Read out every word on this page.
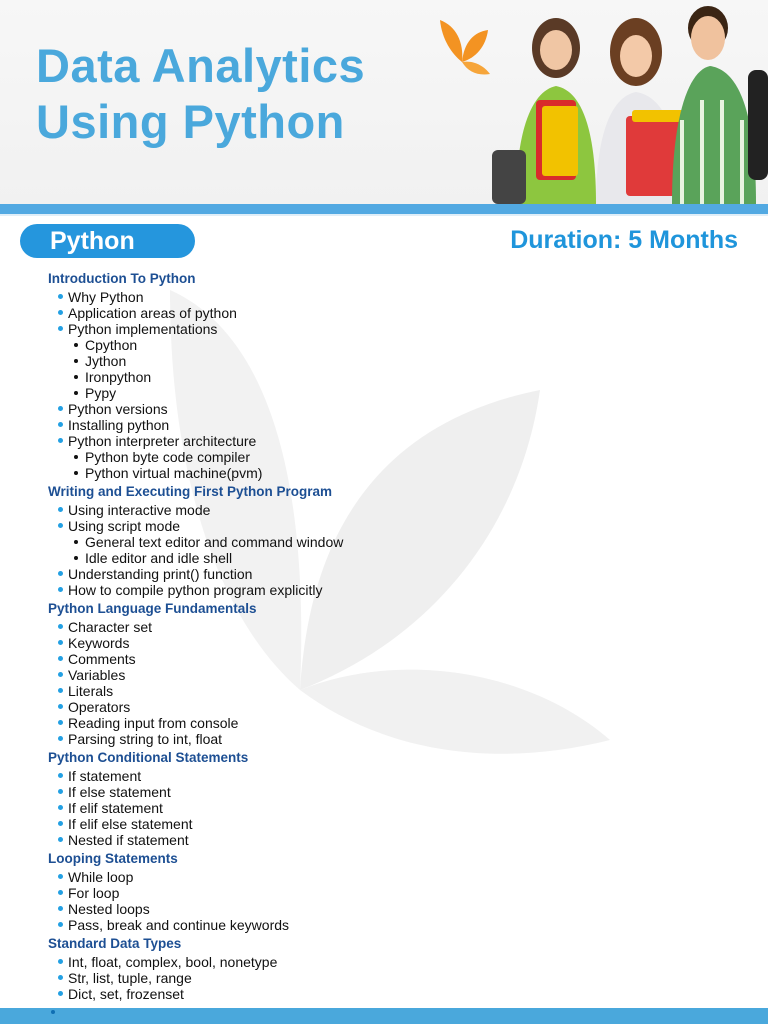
Data Analytics
Using Python
Python	Duration: 5 Months
Introduction To Python
Why Python
Application areas of python
Python implementations
Cpython
Jython
Ironpython
Pypy
Python versions
Installing python
Python interpreter architecture
Python byte code compiler
Python virtual machine(pvm)
Writing and Executing First Python Program
Using interactive mode
Using script mode
General text editor and command window
Idle editor and idle shell
Understanding print() function
How to compile python program explicitly
Python Language Fundamentals
Character set
Keywords
Comments
Variables
Literals
Operators
Reading input from console
Parsing string to int, float
Python Conditional Statements
If statement
If else statement
If elif statement
If elif else statement
Nested if statement
Looping Statements
While loop
For loop
Nested loops
Pass, break and continue keywords
Standard Data Types
Int, float, complex, bool, nonetype
Str, list, tuple, range
Dict, set, frozenset
